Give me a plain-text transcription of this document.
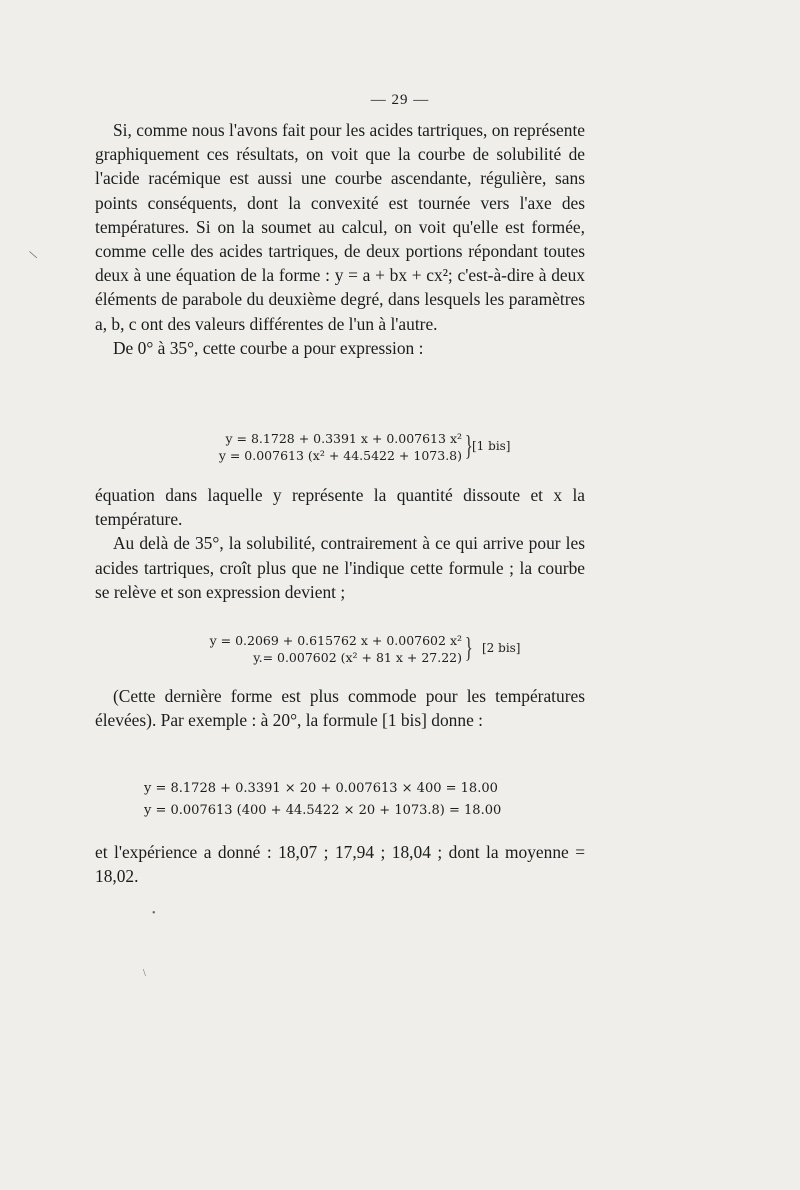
— 29 —

Si, comme nous l'avons fait pour les acides tartriques, on représente graphiquement ces résultats, on voit que la courbe de solubilité de l'acide racémique est aussi une courbe ascendante, régulière, sans points conséquents, dont la convexité est tournée vers l'axe des températures. Si on la soumet au calcul, on voit qu'elle est formée, comme celle des acides tartriques, de deux portions répondant toutes deux à une équation de la forme : y = a + bx + cx²; c'est-à-dire à deux éléments de parabole du deuxième degré, dans lesquels les paramètres a, b, c ont des valeurs différentes de l'un à l'autre.

De 0° à 35°, cette courbe a pour expression :

y = 8.1728 + 0.3391 x + 0.007613 x²
y = 0.007613 (x² + 44.5422 + 1073.8) } [1 bis]

équation dans laquelle y représente la quantité dissoute et x la température.

Au delà de 35°, la solubilité, contrairement à ce qui arrive pour les acides tartriques, croît plus que ne l'indique cette formule ; la courbe se relève et son expression devient ;

y = 0.2069 + 0.615762 x + 0.007602 x²
y.= 0.007602 (x² + 81 x + 27.22) } [2 bis]

(Cette dernière forme est plus commode pour les températures élevées). Par exemple : à 20°, la formule [1 bis] donne :

y = 8.1728 + 0.3391 × 20 + 0.007613 × 400 = 18.00
y = 0.007613 (400 + 44.5422 × 20 + 1073.8) = 18.00

et l'expérience a donné : 18,07 ; 17,94 ; 18,04 ; dont la moyenne = 18,02.

\
•
\
